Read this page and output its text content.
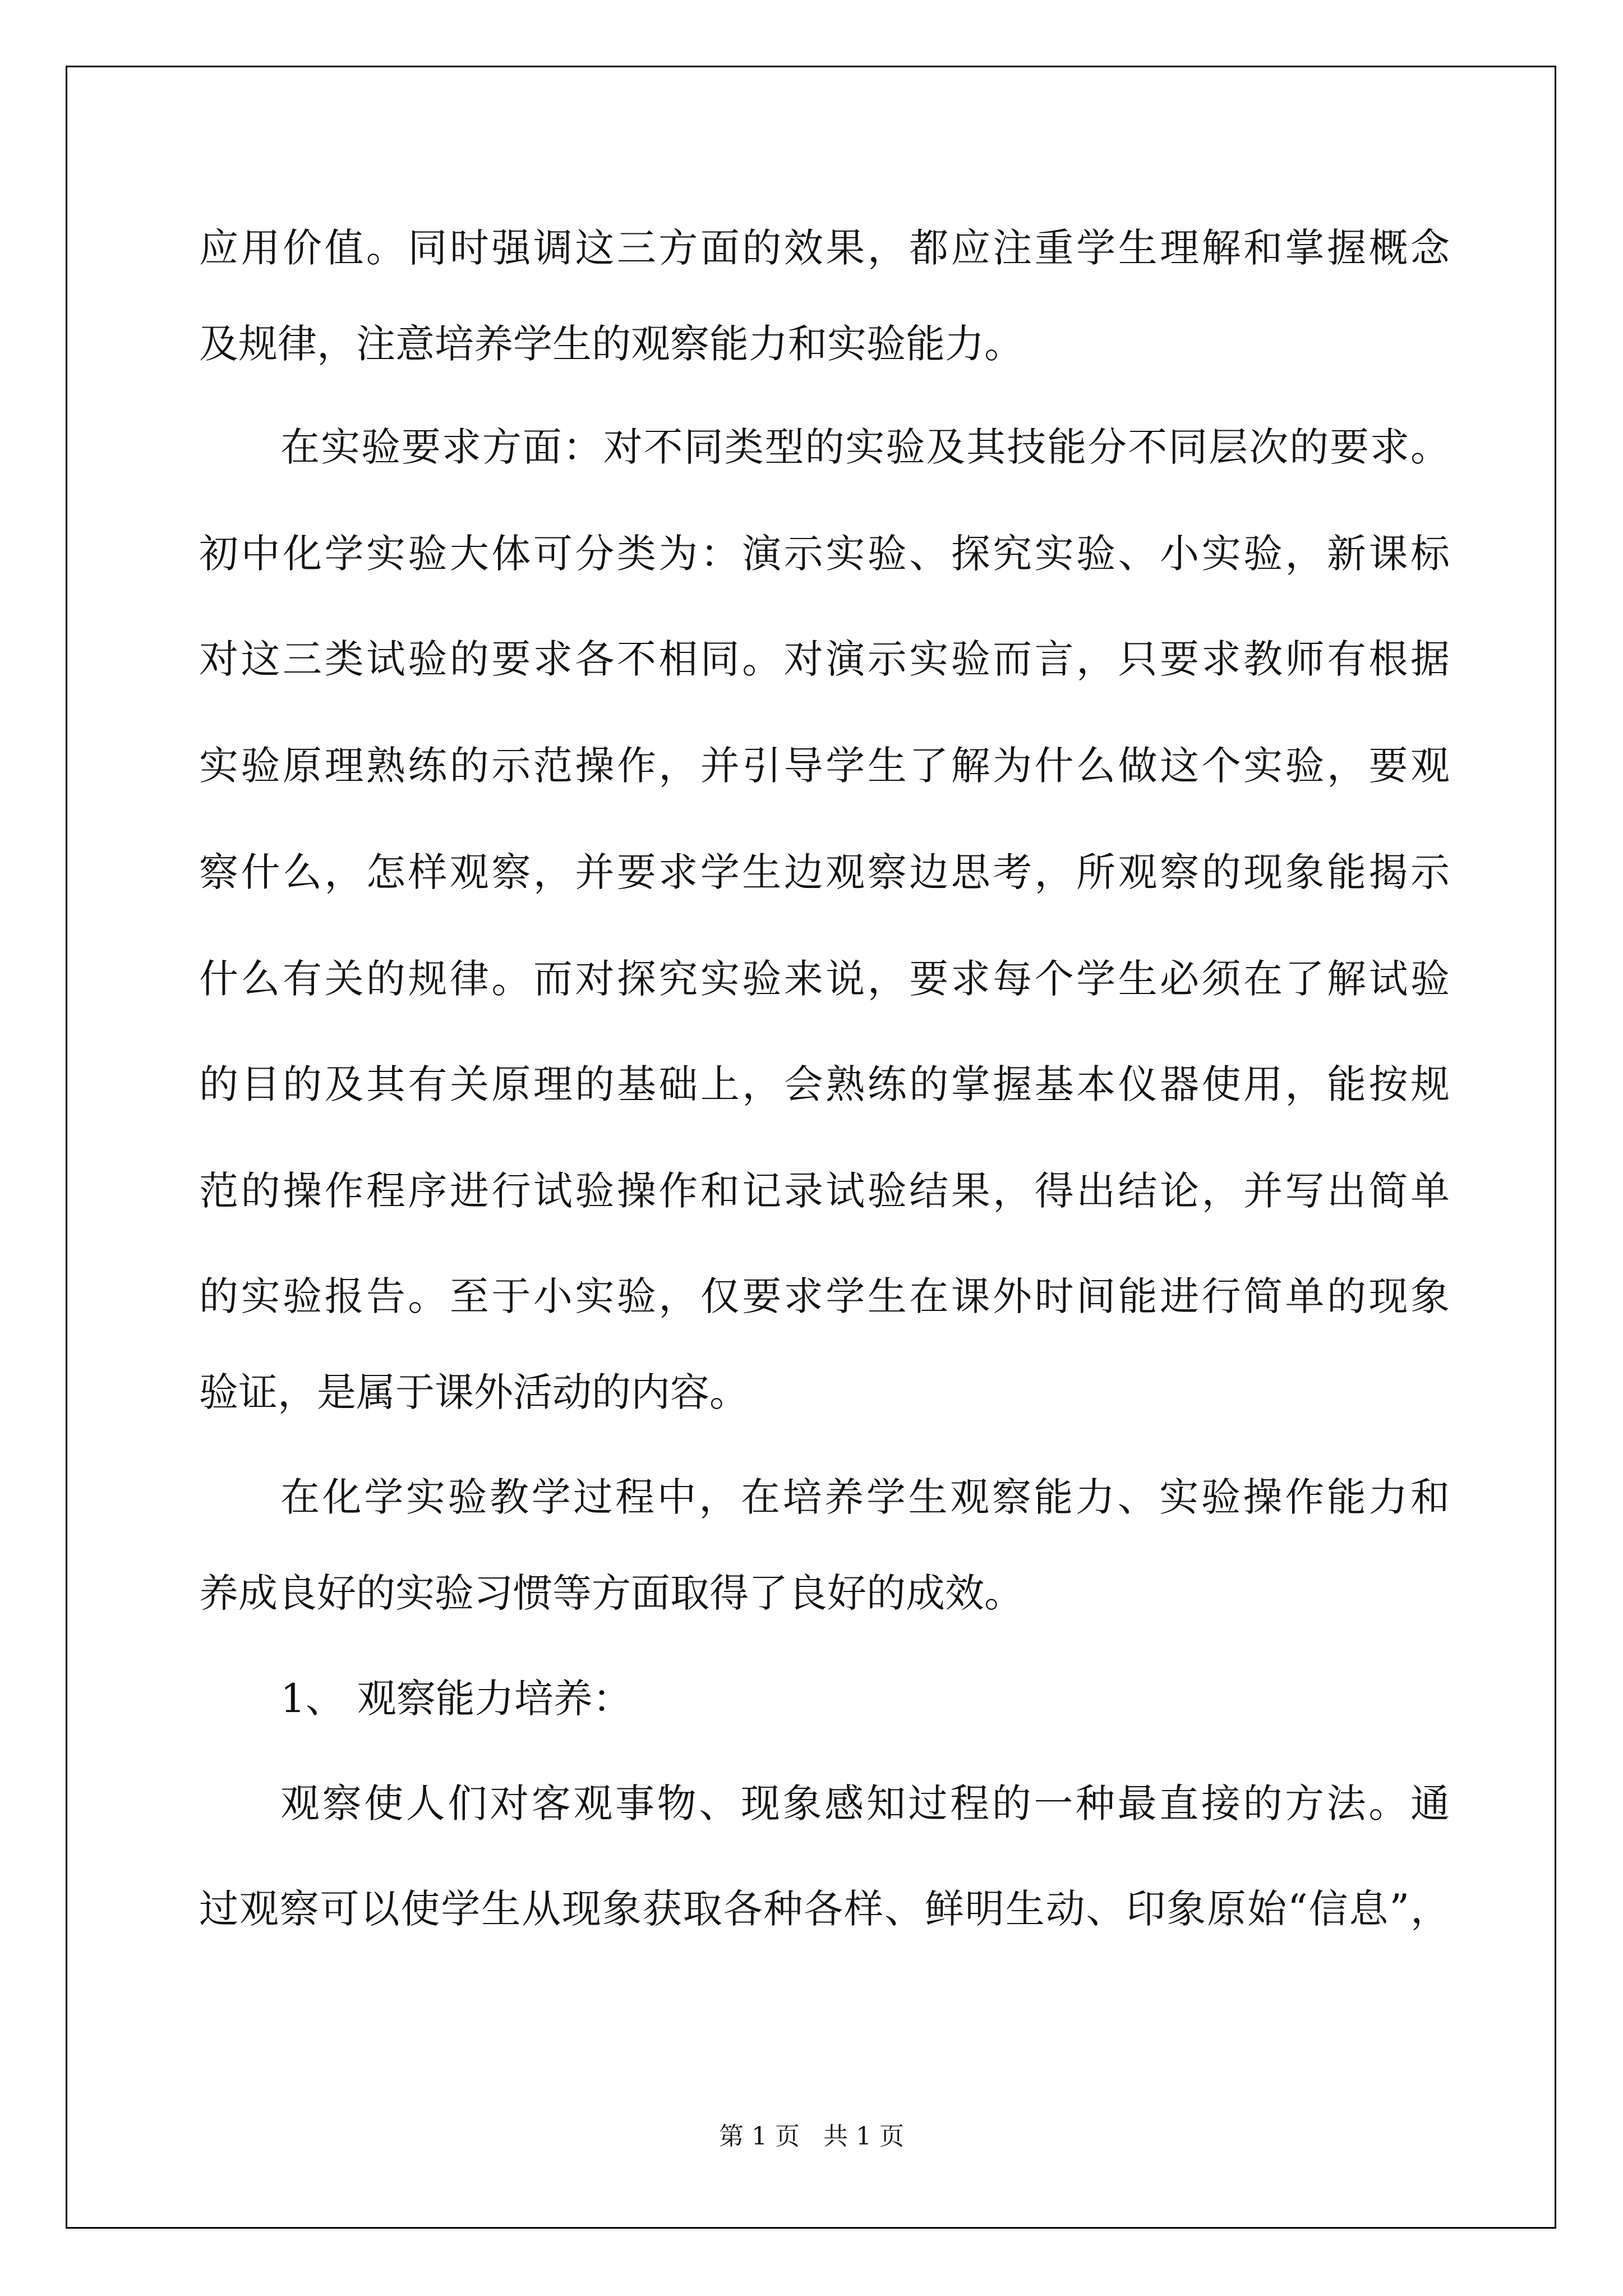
应用价值。同时强调这三方面的效果，都应注重学生理解和掌握概念
及规律，注意培养学生的观察能力和实验能力。
在实验要求方面：对不同类型的实验及其技能分不同层次的要求。
初中化学实验大体可分类为：演示实验、探究实验、小实验，新课标
对这三类试验的要求各不相同。对演示实验而言，只要求教师有根据
实验原理熟练的示范操作，并引导学生了解为什么做这个实验，要观
察什么，怎样观察，并要求学生边观察边思考，所观察的现象能揭示
什么有关的规律。而对探究实验来说，要求每个学生必须在了解试验
的目的及其有关原理的基础上，会熟练的掌握基本仪器使用，能按规
范的操作程序进行试验操作和记录试验结果，得出结论，并写出简单
的实验报告。至于小实验，仅要求学生在课外时间能进行简单的现象
验证，是属于课外活动的内容。
在化学实验教学过程中，在培养学生观察能力、实验操作能力和
养成良好的实验习惯等方面取得了良好的成效。
1、 观察能力培养：
观察使人们对客观事物、现象感知过程的一种最直接的方法。通
过观察可以使学生从现象获取各种各样、鲜明生动、印象原始“信息”，
第 1 页 共 1 页
